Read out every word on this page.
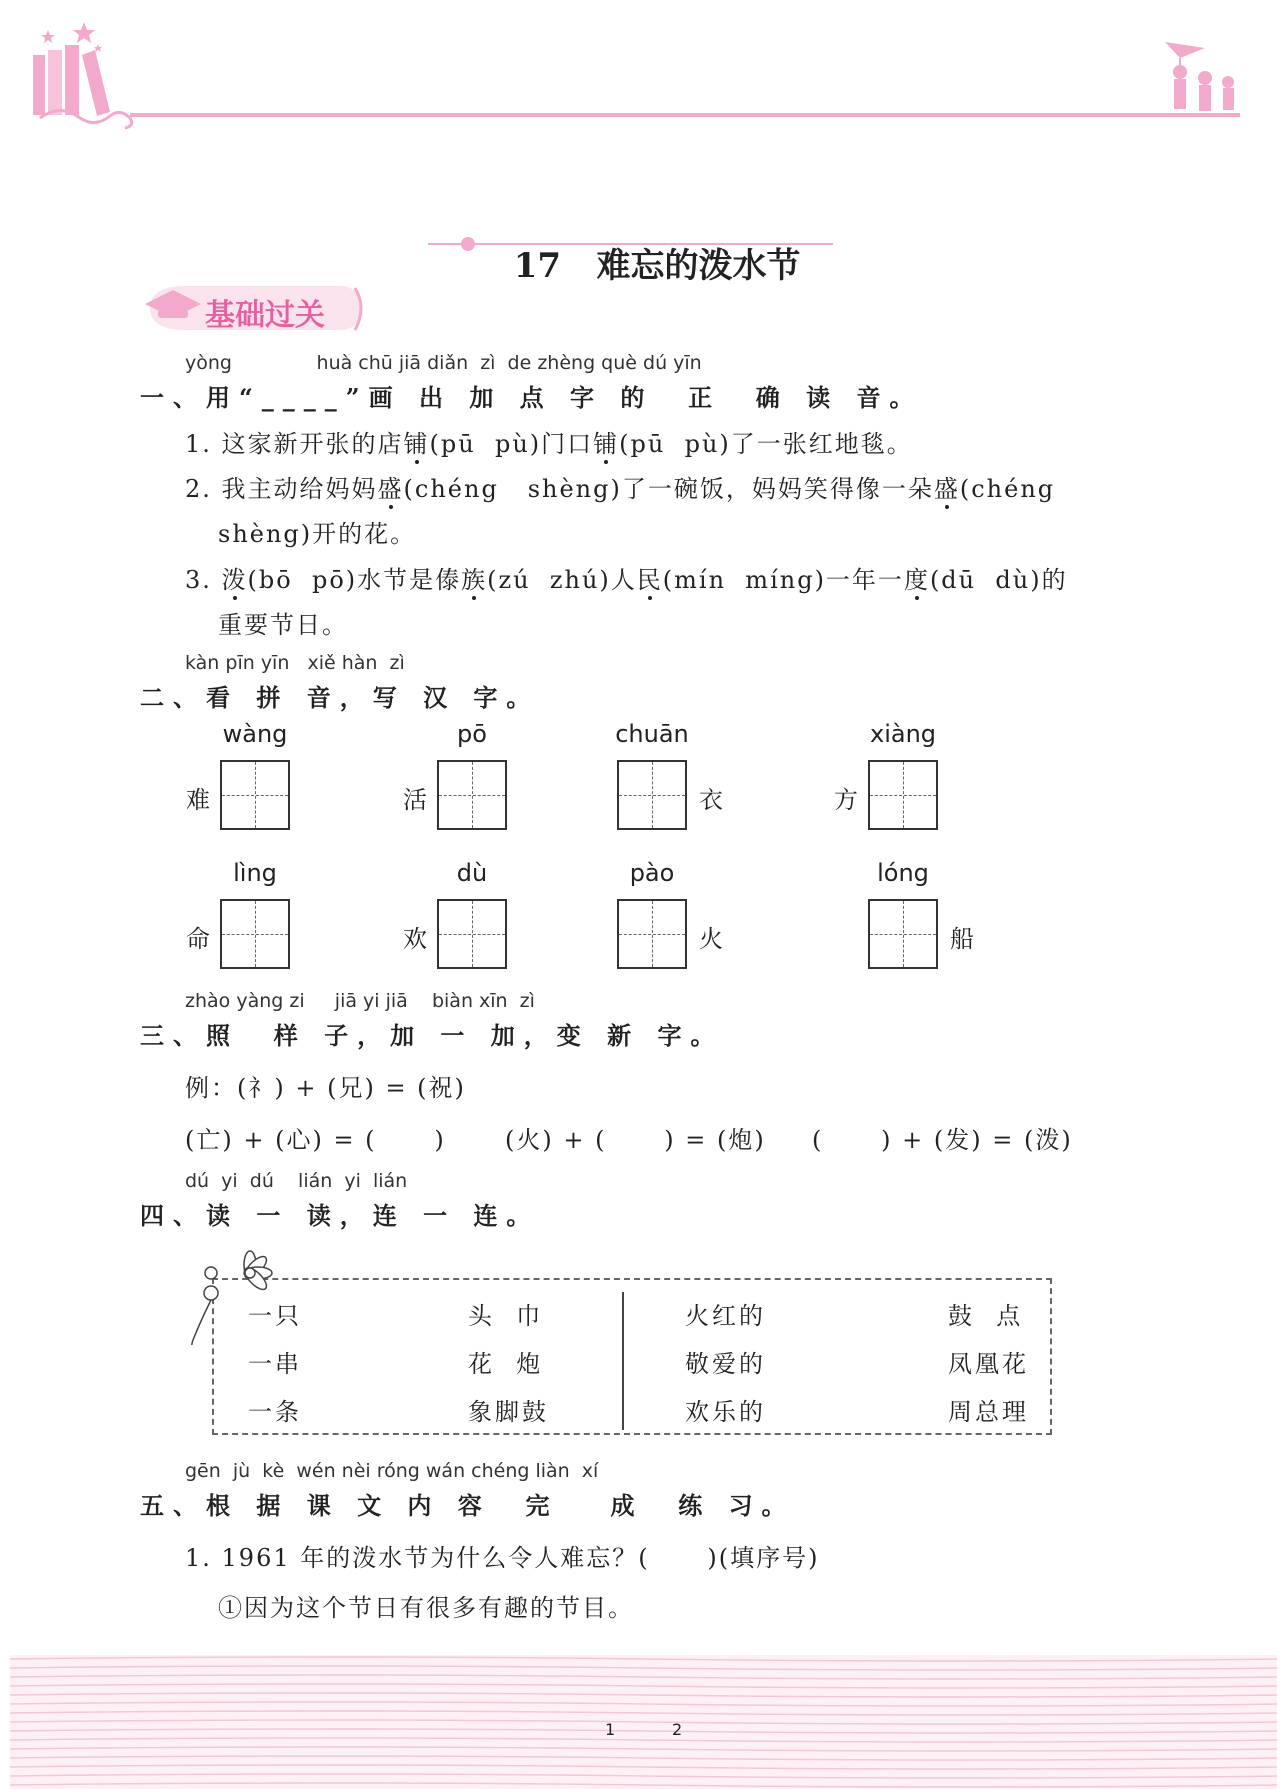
17 难忘的泼水节

基础过关
yòng              huà chū jiā diǎn  zì  de zhèng què dú yīn
一、用“____”画 出 加 点 字 的  正  确 读 音。
1. 这家新开张的店铺(pū  pù)门口铺(pū  pù)了一张红地毯。
2. 我主动给妈妈盛(chéng   shèng)了一碗饭，妈妈笑得像一朵盛(chéng
shèng)开的花。
3. 泼(bō  pō)水节是傣族(zú  zhú)人民(mín  míng)一年一度(dū  dù)的
重要节日。
kàn pīn yīn   xiě hàn  zì
二、看 拼 音，写 汉 字。
wàng
难
pō
活
chuān
衣
xiàng
方
lìng
命
dù
欢
pào
火
lóng
船
zhào yàng zi     jiā yi jiā    biàn xīn  zì
三、照  样 子，加 一 加，变 新 字。
例：(礻) + (兄) = (祝)
(亡) + (心) = (      ) (火) + (      ) = (炮) (      ) + (发) = (泼)
dú  yi  dú    lián  yi  lián
四、读 一 读，连 一 连。
一只
一串
一条
头  巾
花  炮
象脚鼓
火红的
敬爱的
欢乐的
鼓  点
凤凰花
周总理
gēn  jù  kè  wén nèi róng wán chéng liàn  xí
五、根 据 课 文 内 容  完   成  练 习。
1. 1961 年的泼水节为什么令人难忘？(      )(填序号)
①因为这个节日有很多有趣的节目。
1	2
